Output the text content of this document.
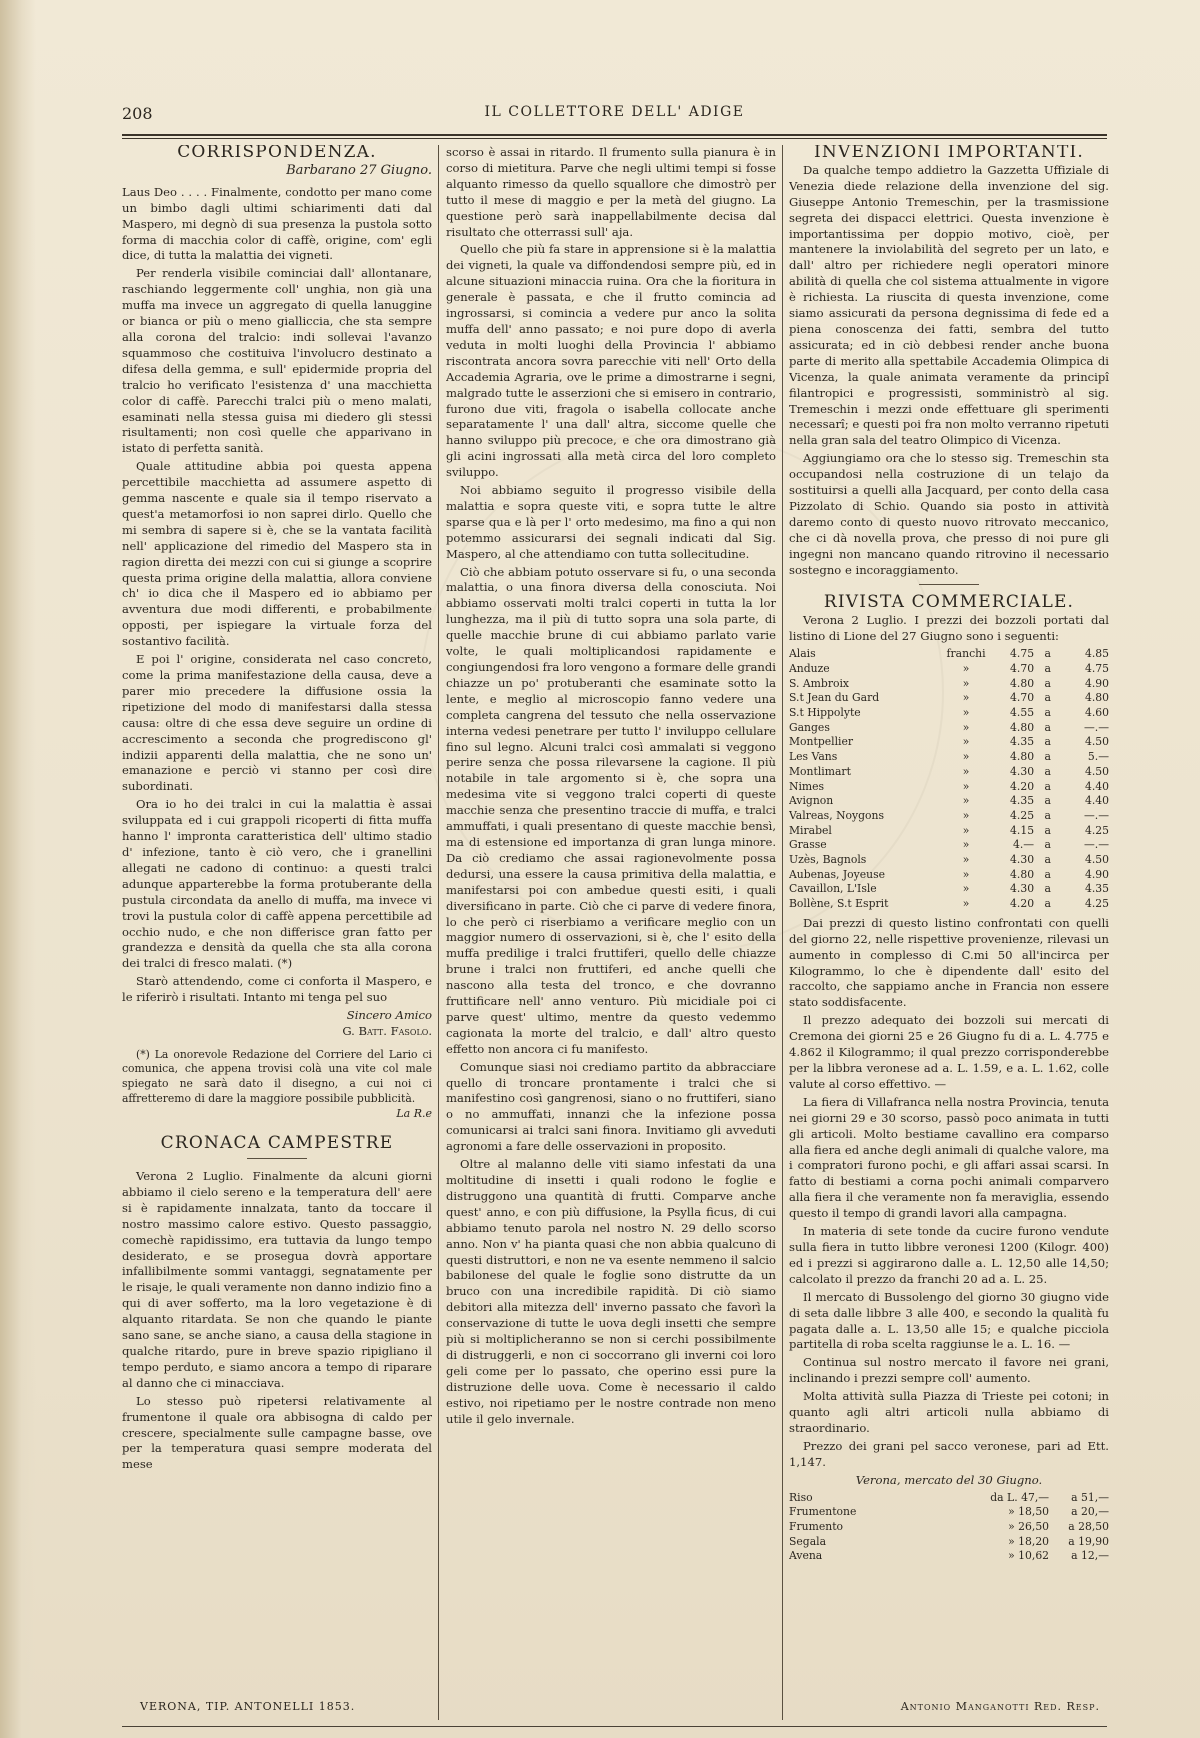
208	IL COLLETTORE DELL' ADIGE
CORRISPONDENZA.
Barbarano 27 Giugno.

Laus Deo . . . . Finalmente, condotto per mano come un bimbo dagli ultimi schiarimenti dati dal Maspero, mi degnò di sua presenza la pustola sotto forma di macchia color di caffè, origine, com' egli dice, di tutta la malattia dei vigneti.

Per renderla visibile cominciai dall' allontanare, raschiando leggermente coll' unghia, non già una muffa ma invece un aggregato di quella lanuggine or bianca or più o meno gialliccia, che sta sempre alla corona del tralcio: indi sollevai l'avanzo squammoso che costituiva l'involucro destinato a difesa della gemma, e sull' epidermide propria del tralcio ho verificato l'esistenza d' una macchietta color di caffè. Parecchi tralci più o meno malati, esaminati nella stessa guisa mi diedero gli stessi risultamenti; non così quelle che apparivano in istato di perfetta sanità.

Quale attitudine abbia poi questa appena percettibile macchietta ad assumere aspetto di gemma nascente e quale sia il tempo riservato a quest'a metamorfosi io non saprei dirlo. Quello che mi sembra di sapere si è, che se la vantata facilità nell' applicazione del rimedio del Maspero sta in ragion diretta dei mezzi con cui si giunge a scoprire questa prima origine della malattia, allora conviene ch' io dica che il Maspero ed io abbiamo per avventura due modi differenti, e probabilmente opposti, per ispiegare la virtuale forza del sostantivo facilità.

E poi l' origine, considerata nel caso concreto, come la prima manifestazione della causa, deve a parer mio precedere la diffusione ossia la ripetizione del modo di manifestarsi dalla stessa causa: oltre di che essa deve seguire un ordine di accrescimento a seconda che progrediscono gl' indizii apparenti della malattia, che ne sono un' emanazione e perciò vi stanno per così dire subordinati.

Ora io ho dei tralci in cui la malattia è assai sviluppata ed i cui grappoli ricoperti di fitta muffa hanno l' impronta caratteristica dell' ultimo stadio d' infezione, tanto è ciò vero, che i granellini allegati ne cadono di continuo: a questi tralci adunque apparterebbe la forma protuberante della pustula circondata da anello di muffa, ma invece vi trovi la pustula color di caffè appena percettibile ad occhio nudo, e che non differisce gran fatto per grandezza e densità da quella che sta alla corona dei tralci di fresco malati. (*)

Starò attendendo, come ci conforta il Maspero, e le riferirò i risultati. Intanto mi tenga pel suo

Sincero Amico
G. Batt. Fasolo.

(*) La onorevole Redazione del Corriere del Lario ci comunica, che appena trovisi colà una vite col male spiegato ne sarà dato il disegno, a cui noi ci affretteremo di dare la maggiore possibile pubblicità.

La R.e
CRONACA CAMPESTRE

Verona 2 Luglio. Finalmente da alcuni giorni abbiamo il cielo sereno e la temperatura dell' aere si è rapidamente innalzata, tanto da toccare il nostro massimo calore estivo. Questo passaggio, comechè rapidissimo, era tuttavia da lungo tempo desiderato, e se prosegua dovrà apportare infallibilmente sommi vantaggi, segnatamente per le risaje, le quali veramente non danno indizio fino a qui di aver sofferto, ma la loro vegetazione è di alquanto ritardata. Se non che quando le piante sano sane, se anche siano, a causa della stagione in qualche ritardo, pure in breve spazio ripigliano il tempo perduto, e siamo ancora a tempo di riparare al danno che ci minacciava.

Lo stesso può ripetersi relativamente al frumentone il quale ora abbisogna di caldo per crescere, specialmente sulle campagne basse, ove per la temperatura quasi sempre moderata del mese

scorso è assai in ritardo. Il frumento sulla pianura è in corso di mietitura. Parve che negli ultimi tempi si fosse alquanto rimesso da quello squallore che dimostrò per tutto il mese di maggio e per la metà del giugno. La questione però sarà inappellabilmente decisa dal risultato che otterrassi sull' aja.

Quello che più fa stare in apprensione si è la malattia dei vigneti, la quale va diffondendosi sempre più, ed in alcune situazioni minaccia ruina. Ora che la fioritura in generale è passata, e che il frutto comincia ad ingrossarsi, si comincia a vedere pur anco la solita muffa dell' anno passato; e noi pure dopo di averla veduta in molti luoghi della Provincia l' abbiamo riscontrata ancora sovra parecchie viti nell' Orto della Accademia Agraria, ove le prime a dimostrarne i segni, malgrado tutte le asserzioni che si emisero in contrario, furono due viti, fragola o isabella collocate anche separatamente l' una dall' altra, siccome quelle che hanno sviluppo più precoce, e che ora dimostrano già gli acini ingrossati alla metà circa del loro completo sviluppo.

Noi abbiamo seguito il progresso visibile della malattia e sopra queste viti, e sopra tutte le altre sparse qua e là per l' orto medesimo, ma fino a qui non potemmo assicurarsi dei segnali indicati dal Sig. Maspero, al che attendiamo con tutta sollecitudine.

Ciò che abbiam potuto osservare si fu, o una seconda malattia, o una finora diversa della conosciuta. Noi abbiamo osservati molti tralci coperti in tutta la lor lunghezza, ma il più di tutto sopra una sola parte, di quelle macchie brune di cui abbiamo parlato varie volte, le quali moltiplicandosi rapidamente e congiungendosi fra loro vengono a formare delle grandi chiazze un po' protuberanti che esaminate sotto la lente, e meglio al microscopio fanno vedere una completa cangrena del tessuto che nella osservazione interna vedesi penetrare per tutto l' inviluppo cellulare fino sul legno. Alcuni tralci così ammalati si veggono perire senza che possa rilevarsene la cagione. Il più notabile in tale argomento si è, che sopra una medesima vite si veggono tralci coperti di queste macchie senza che presentino traccie di muffa, e tralci ammuffati, i quali presentano di queste macchie bensì, ma di estensione ed importanza di gran lunga minore. Da ciò crediamo che assai ragionevolmente possa dedursi, una essere la causa primitiva della malattia, e manifestarsi poi con ambedue questi esiti, i quali diversificano in parte. Ciò che ci parve di vedere finora, lo che però ci riserbiamo a verificare meglio con un maggior numero di osservazioni, si è, che l' esito della muffa predilige i tralci fruttiferi, quello delle chiazze brune i tralci non fruttiferi, ed anche quelli che nascono alla testa del tronco, e che dovranno fruttificare nell' anno venturo. Più micidiale poi ci parve quest' ultimo, mentre da questo vedemmo cagionata la morte del tralcio, e dall' altro questo effetto non ancora ci fu manifesto.

Comunque siasi noi crediamo partito da abbracciare quello di troncare prontamente i tralci che si manifestino così gangrenosi, siano o no fruttiferi, siano o no ammuffati, innanzi che la infezione possa comunicarsi ai tralci sani finora. Invitiamo gli avveduti agronomi a fare delle osservazioni in proposito.

Oltre al malanno delle viti siamo infestati da una moltitudine di insetti i quali rodono le foglie e distruggono una quantità di frutti. Comparve anche quest' anno, e con più diffusione, la Psylla ficus, di cui abbiamo tenuto parola nel nostro N. 29 dello scorso anno. Non v' ha pianta quasi che non abbia qualcuno di questi distruttori, e non ne va esente nemmeno il salcio babilonese del quale le foglie sono distrutte da un bruco con una incredibile rapidità. Di ciò siamo debitori alla mitezza dell' inverno passato che favorì la conservazione di tutte le uova degli insetti che sempre più si moltiplicheranno se non si cerchi possibilmente di distruggerli, e non ci soccorrano gli inverni coi loro geli come per lo passato, che operino essi pure la distruzione delle uova. Come è necessario il caldo estivo, noi ripetiamo per le nostre contrade non meno utile il gelo invernale.

INVENZIONI IMPORTANTI.

Da qualche tempo addietro la Gazzetta Uffiziale di Venezia diede relazione della invenzione del sig. Giuseppe Antonio Tremeschin, per la trasmissione segreta dei dispacci elettrici. Questa invenzione è importantissima per doppio motivo, cioè, per mantenere la inviolabilità del segreto per un lato, e dall' altro per richiedere negli operatori minore abilità di quella che col sistema attualmente in vigore è richiesta. La riuscita di questa invenzione, come siamo assicurati da persona degnissima di fede ed a piena conoscenza dei fatti, sembra del tutto assicurata; ed in ciò debbesi render anche buona parte di merito alla spettabile Accademia Olimpica di Vicenza, la quale animata veramente da principî filantropici e progressisti, somministrò al sig. Tremeschin i mezzi onde effettuare gli sperimenti necessarî; e questi poi fra non molto verranno ripetuti nella gran sala del teatro Olimpico di Vicenza.

Aggiungiamo ora che lo stesso sig. Tremeschin sta occupandosi nella costruzione di un telajo da sostituirsi a quelli alla Jacquard, per conto della casa Pizzolato di Schio. Quando sia posto in attività daremo conto di questo nuovo ritrovato meccanico, che ci dà novella prova, che presso di noi pure gli ingegni non mancano quando ritrovino il necessario sostegno e incoraggiamento.

RIVISTA COMMERCIALE.

Verona 2 Luglio. I prezzi dei bozzoli portati dal listino di Lione del 27 Giugno sono i seguenti:

Alais	franchi	4.75	a	4.85
Anduze	»	4.70	a	4.75
S. Ambroix	»	4.80	a	4.90
S.t Jean du Gard	»	4.70	a	4.80
S.t Hippolyte	»	4.55	a	4.60
Ganges	»	4.80	a	—.—
Montpellier	»	4.35	a	4.50
Les Vans	»	4.80	a	5.—
Montlimart	»	4.30	a	4.50
Nimes	»	4.20	a	4.40
Avignon	»	4.35	a	4.40
Valreas, Noygons	»	4.25	a	—.—
Mirabel	»	4.15	a	4.25
Grasse	»	4.—	a	—.—
Uzès, Bagnols	»	4.30	a	4.50
Aubenas, Joyeuse	»	4.80	a	4.90
Cavaillon, L'Isle	»	4.30	a	4.35
Bollène, S.t Esprit	»	4.20	a	4.25

Dai prezzi di questo listino confrontati con quelli del giorno 22, nelle rispettive provenienze, rilevasi un aumento in complesso di C.mi 50 all'incirca per Kilogrammo, lo che è dipendente dall' esito del raccolto, che sappiamo anche in Francia non essere stato soddisfacente.

Il prezzo adequato dei bozzoli sui mercati di Cremona dei giorni 25 e 26 Giugno fu di a. L. 4.775 e 4.862 il Kilogrammo; il qual prezzo corrisponderebbe per la libbra veronese ad a. L. 1.59, e a. L. 1.62, colle valute al corso effettivo. —

La fiera di Villafranca nella nostra Provincia, tenuta nei giorni 29 e 30 scorso, passò poco animata in tutti gli articoli. Molto bestiame cavallino era comparso alla fiera ed anche degli animali di qualche valore, ma i compratori furono pochi, e gli affari assai scarsi. In fatto di bestiami a corna pochi animali comparvero alla fiera il che veramente non fa meraviglia, essendo questo il tempo di grandi lavori alla campagna.

In materia di sete tonde da cucire furono vendute sulla fiera in tutto libbre veronesi 1200 (Kilogr. 400) ed i prezzi si aggirarono dalle a. L. 12,50 alle 14,50; calcolato il prezzo da franchi 20 ad a. L. 25.

Il mercato di Bussolengo del giorno 30 giugno vide di seta dalle libbre 3 alle 400, e secondo la qualità fu pagata dalle a. L. 13,50 alle 15; e qualche picciola partitella di roba scelta raggiunse le a. L. 16. —

Continua sul nostro mercato il favore nei grani, inclinando i prezzi sempre coll' aumento.

Molta attività sulla Piazza di Trieste pei cotoni; in quanto agli altri articoli nulla abbiamo di straordinario.

Prezzo dei grani pel sacco veronese, pari ad Ett. 1,147.

Verona, mercato del 30 Giugno.
Riso	da L. 47,—	a 51,—
Frumentone	» 18,50	a 20,—
Frumento	» 26,50	a 28,50
Segala	» 18,20	a 19,90
Avena	» 10,62	a 12,—
VERONA, TIP. ANTONELLI 1853.	Antonio Manganotti Red. Resp.
